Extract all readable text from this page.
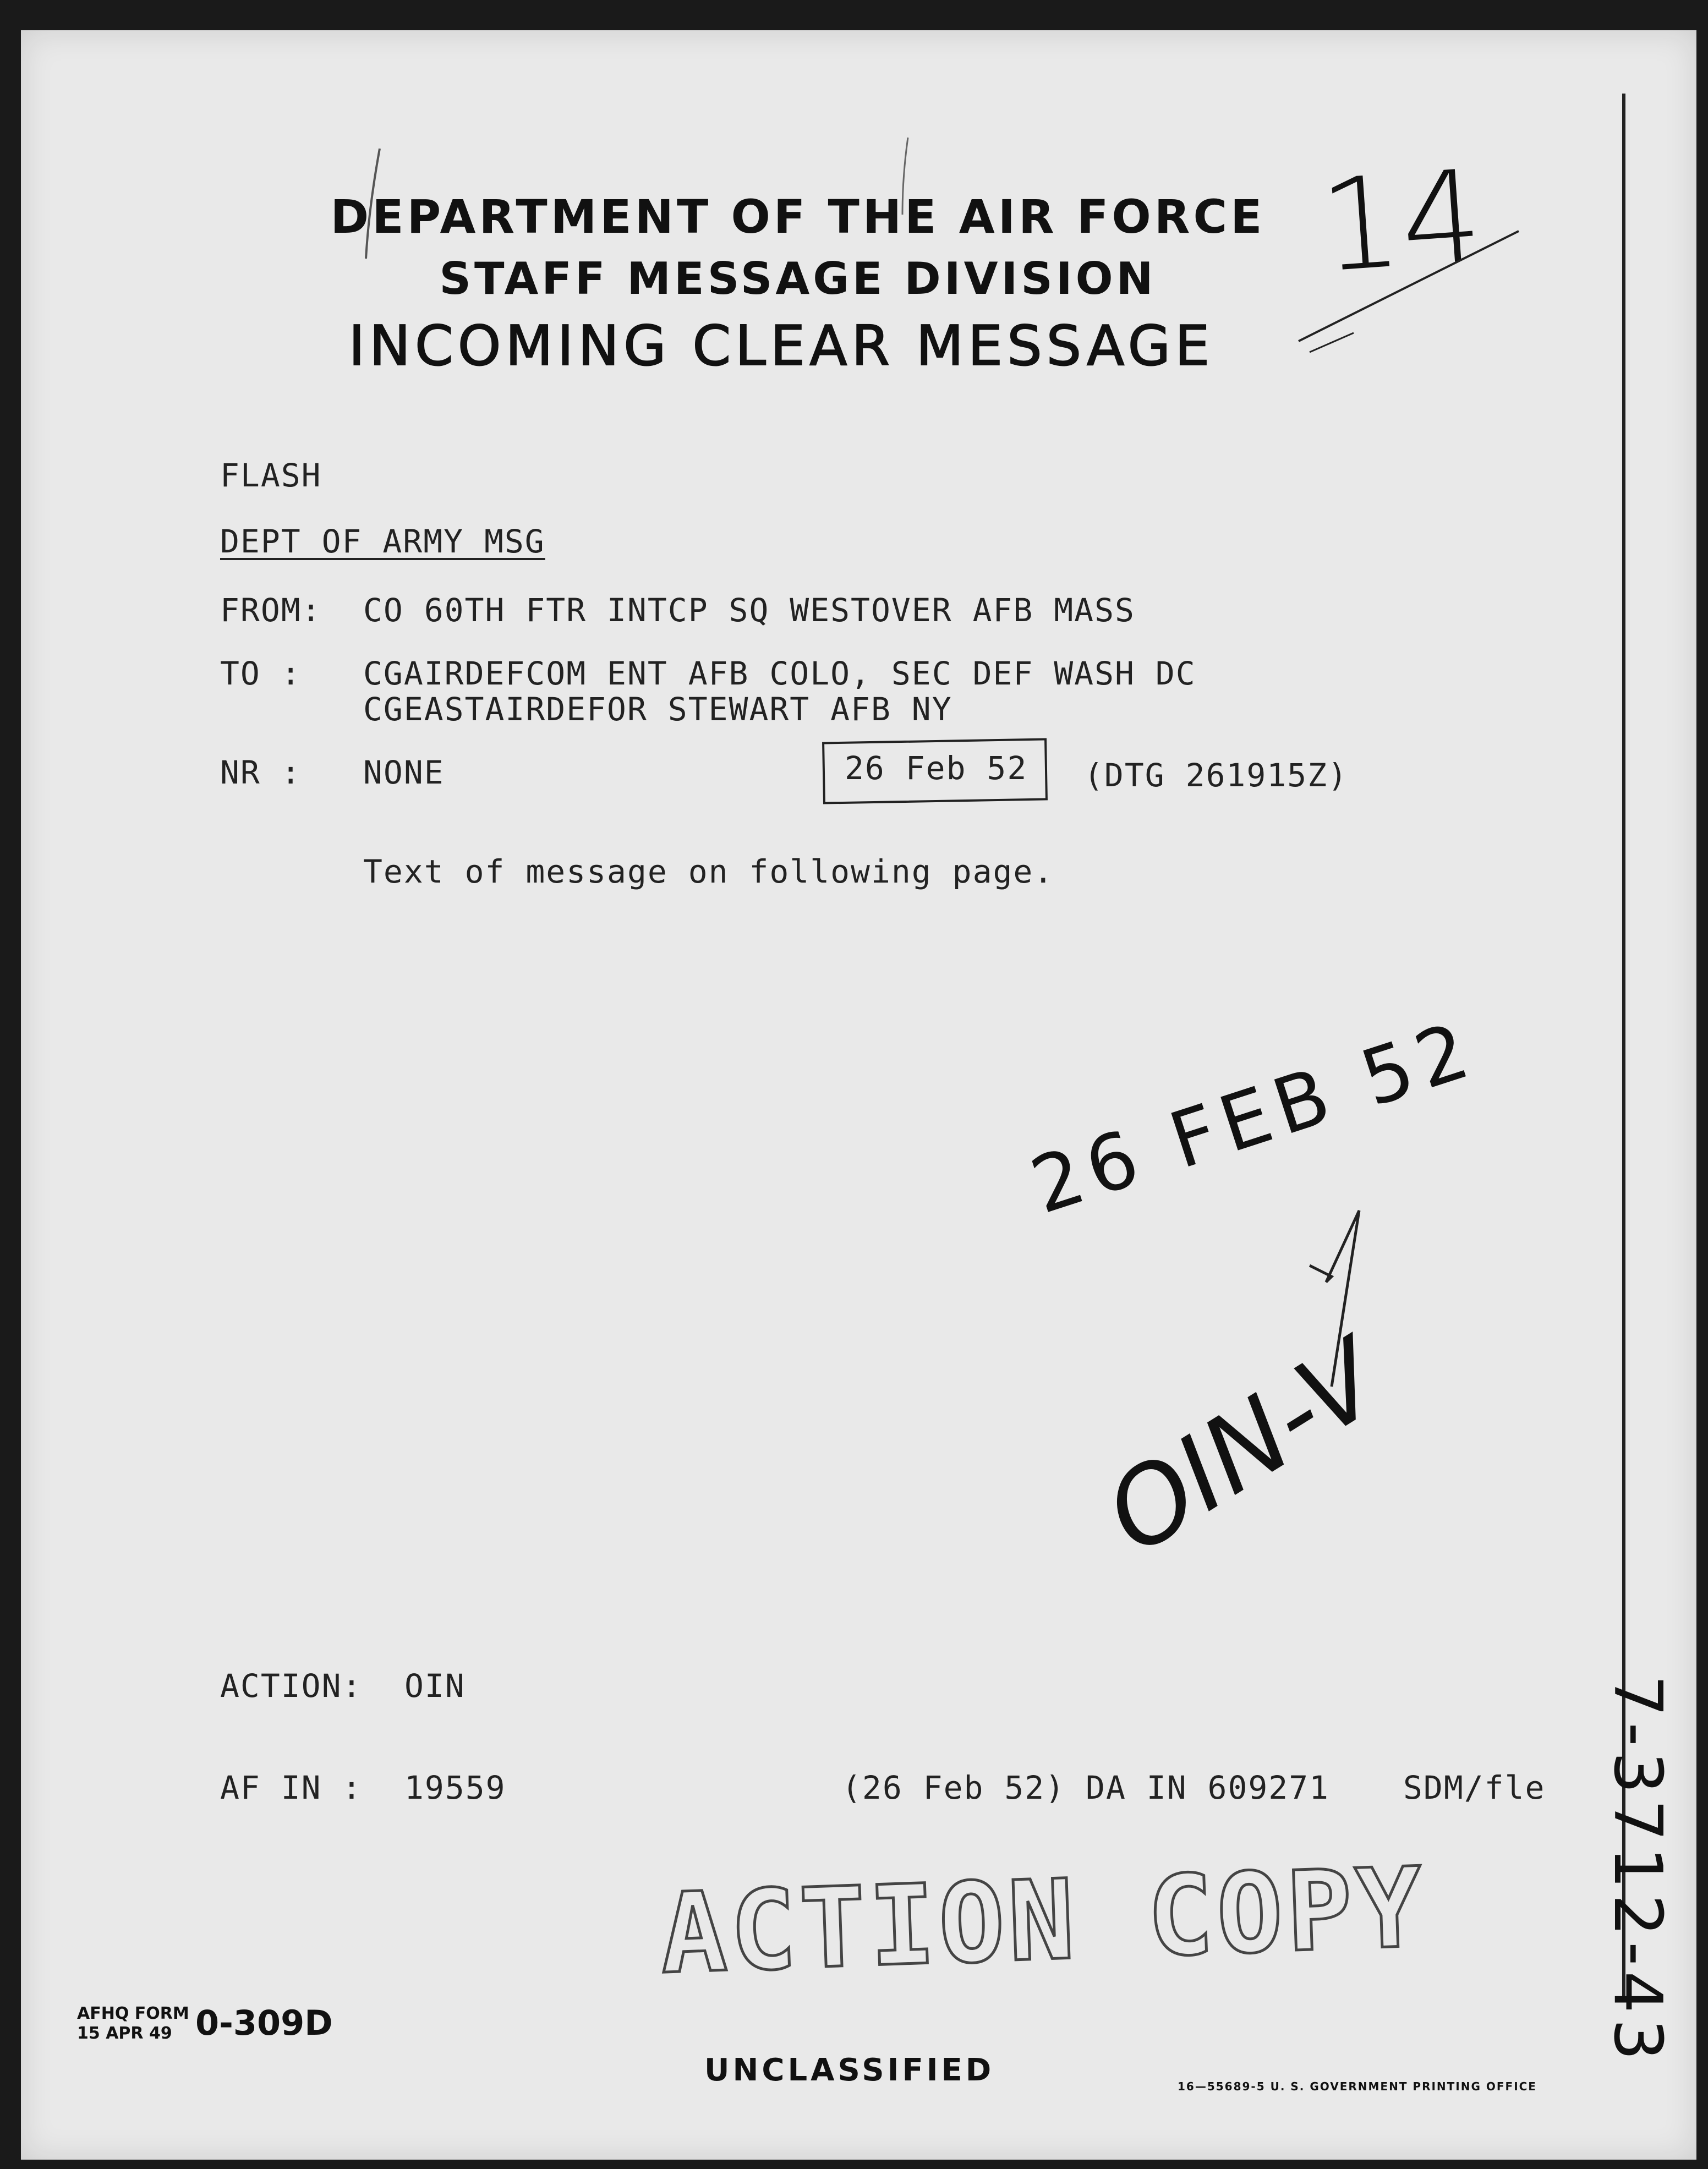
DEPARTMENT OF THE AIR FORCE
STAFF MESSAGE DIVISION
INCOMING CLEAR MESSAGE
14
26 FEB 52
OIN-V
7-3712-43
FLASH
DEPT OF ARMY MSG
FROM: CO 60TH FTR INTCP SQ WESTOVER AFB MASS
TO : CGAIRDEFCOM ENT AFB COLO, SEC DEF WASH DC
CGEASTAIRDEFOR STEWART AFB NY
NR : NONE	26 Feb 52 (DTG 261915Z)
Text of message on following page.
ACTION: OIN
AF IN : 19559	(26 Feb 52) DA IN 609271 SDM/fle
ACTION COPY
AFHQ FORM
15 APR 49 0-309D
UNCLASSIFIED	16—55689-5 U. S. GOVERNMENT PRINTING OFFICE
